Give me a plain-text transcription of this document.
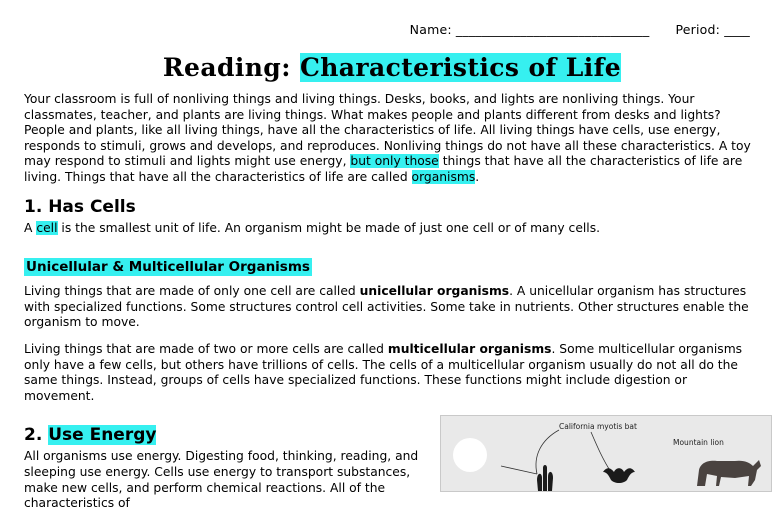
Name: ______________________________ Period: ____
Reading: Characteristics of Life

Your classroom is full of nonliving things and living things. Desks, books, and lights are nonliving things. Your classmates, teacher, and plants are living things. What makes people and plants different from desks and lights? People and plants, like all living things, have all the characteristics of life. All living things have cells, use energy, responds to stimuli, grows and develops, and reproduces. Nonliving things do not have all these characteristics. A toy may respond to stimuli and lights might use energy, but only those things that have all the characteristics of life are living. Things that have all the characteristics of life are called organisms.

1. Has Cells

A cell is the smallest unit of life. An organism might be made of just one cell or of many cells.

Unicellular & Multicellular Organisms

Living things that are made of only one cell are called unicellular organisms. A unicellular organism has structures with specialized functions. Some structures control cell activities. Some take in nutrients. Other structures enable the organism to move.

Living things that are made of two or more cells are called multicellular organisms. Some multicellular organisms only have a few cells, but others have trillions of cells. The cells of a multicellular organism usually do not all do the same things. Instead, groups of cells have specialized functions. These functions might include digestion or movement.

2. Use Energy

All organisms use energy. Digesting food, thinking, reading, and sleeping use energy. Cells use energy to transport substances, make new cells, and perform chemical reactions. All of the characteristics of

California myotis bat
Mountain lion
